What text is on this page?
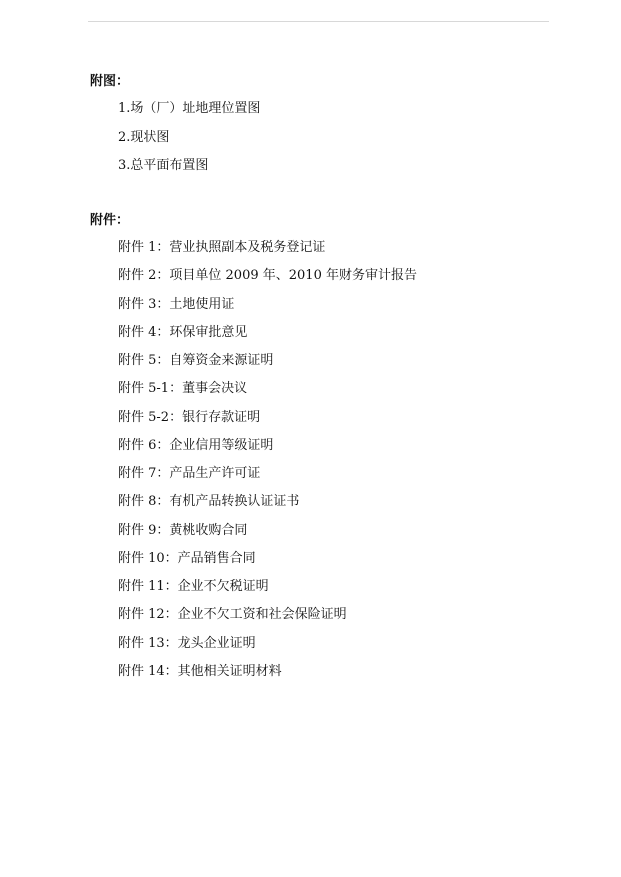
附图：
1.场（厂）址地理位置图
2.现状图
3.总平面布置图
附件：
附件 1：营业执照副本及税务登记证
附件 2：项目单位 2009 年、2010 年财务审计报告
附件 3：土地使用证
附件 4：环保审批意见
附件 5：自筹资金来源证明
附件 5-1：董事会决议
附件 5-2：银行存款证明
附件 6：企业信用等级证明
附件 7：产品生产许可证
附件 8：有机产品转换认证证书
附件 9：黄桃收购合同
附件 10：产品销售合同
附件 11：企业不欠税证明
附件 12：企业不欠工资和社会保险证明
附件 13：龙头企业证明
附件 14：其他相关证明材料
